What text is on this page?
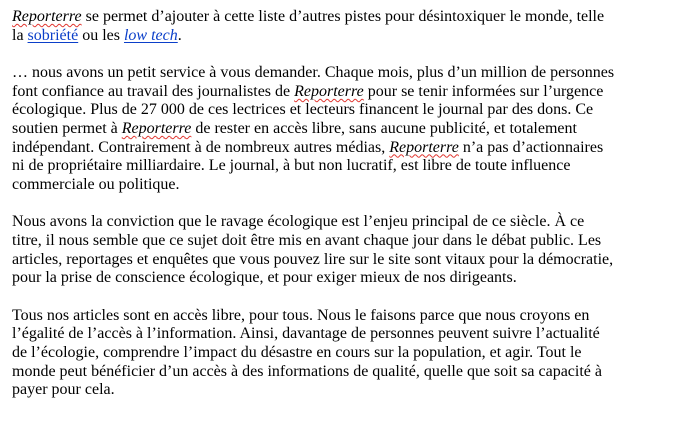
Reporterre se permet d’ajouter à cette liste d’autres pistes pour désintoxiquer le monde, telle
la sobriété ou les low tech.

… nous avons un petit service à vous demander. Chaque mois, plus d’un million de personnes
font confiance au travail des journalistes de Reporterre pour se tenir informées sur l’urgence
écologique. Plus de 27 000 de ces lectrices et lecteurs financent le journal par des dons. Ce
soutien permet à Reporterre de rester en accès libre, sans aucune publicité, et totalement
indépendant. Contrairement à de nombreux autres médias, Reporterre n’a pas d’actionnaires
ni de propriétaire milliardaire. Le journal, à but non lucratif, est libre de toute influence
commerciale ou politique.

Nous avons la conviction que le ravage écologique est l’enjeu principal de ce siècle. À ce
titre, il nous semble que ce sujet doit être mis en avant chaque jour dans le débat public. Les
articles, reportages et enquêtes que vous pouvez lire sur le site sont vitaux pour la démocratie,
pour la prise de conscience écologique, et pour exiger mieux de nos dirigeants.

Tous nos articles sont en accès libre, pour tous. Nous le faisons parce que nous croyons en
l’égalité de l’accès à l’information. Ainsi, davantage de personnes peuvent suivre l’actualité
de l’écologie, comprendre l’impact du désastre en cours sur la population, et agir. Tout le
monde peut bénéficier d’un accès à des informations de qualité, quelle que soit sa capacité à
payer pour cela.
